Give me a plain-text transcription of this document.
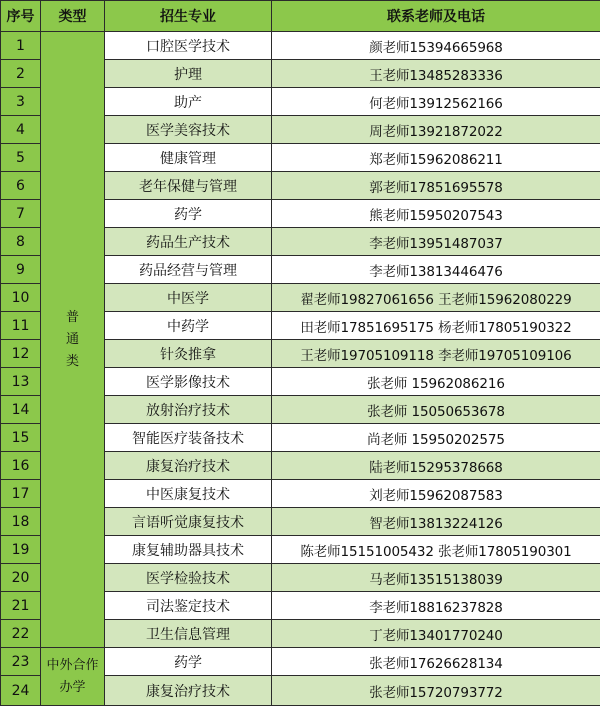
序号	类型	招生专业	联系老师及电话
1	普
通
类	口腔医学技术	颜老师15394665968
2		护理	王老师13485283336
3		助产	何老师13912562166
4		医学美容技术	周老师13921872022
5		健康管理	郑老师15962086211
6		老年保健与管理	郭老师17851695578
7		药学	熊老师15950207543
8		药品生产技术	李老师13951487037
9		药品经营与管理	李老师13813446476
10		中医学	翟老师19827061656 王老师15962080229
11		中药学	田老师17851695175 杨老师17805190322
12		针灸推拿	王老师19705109118 李老师19705109106
13		医学影像技术	张老师 15962086216
14		放射治疗技术	张老师 15050653678
15		智能医疗装备技术	尚老师 15950202575
16		康复治疗技术	陆老师15295378668
17		中医康复技术	刘老师15962087583
18		言语听觉康复技术	智老师13813224126
19		康复辅助器具技术	陈老师15151005432 张老师17805190301
20		医学检验技术	马老师13515138039
21		司法鉴定技术	李老师18816237828
22		卫生信息管理	丁老师13401770240
23	中外合作
办学	药学	张老师17626628134
24		康复治疗技术	张老师15720793772
